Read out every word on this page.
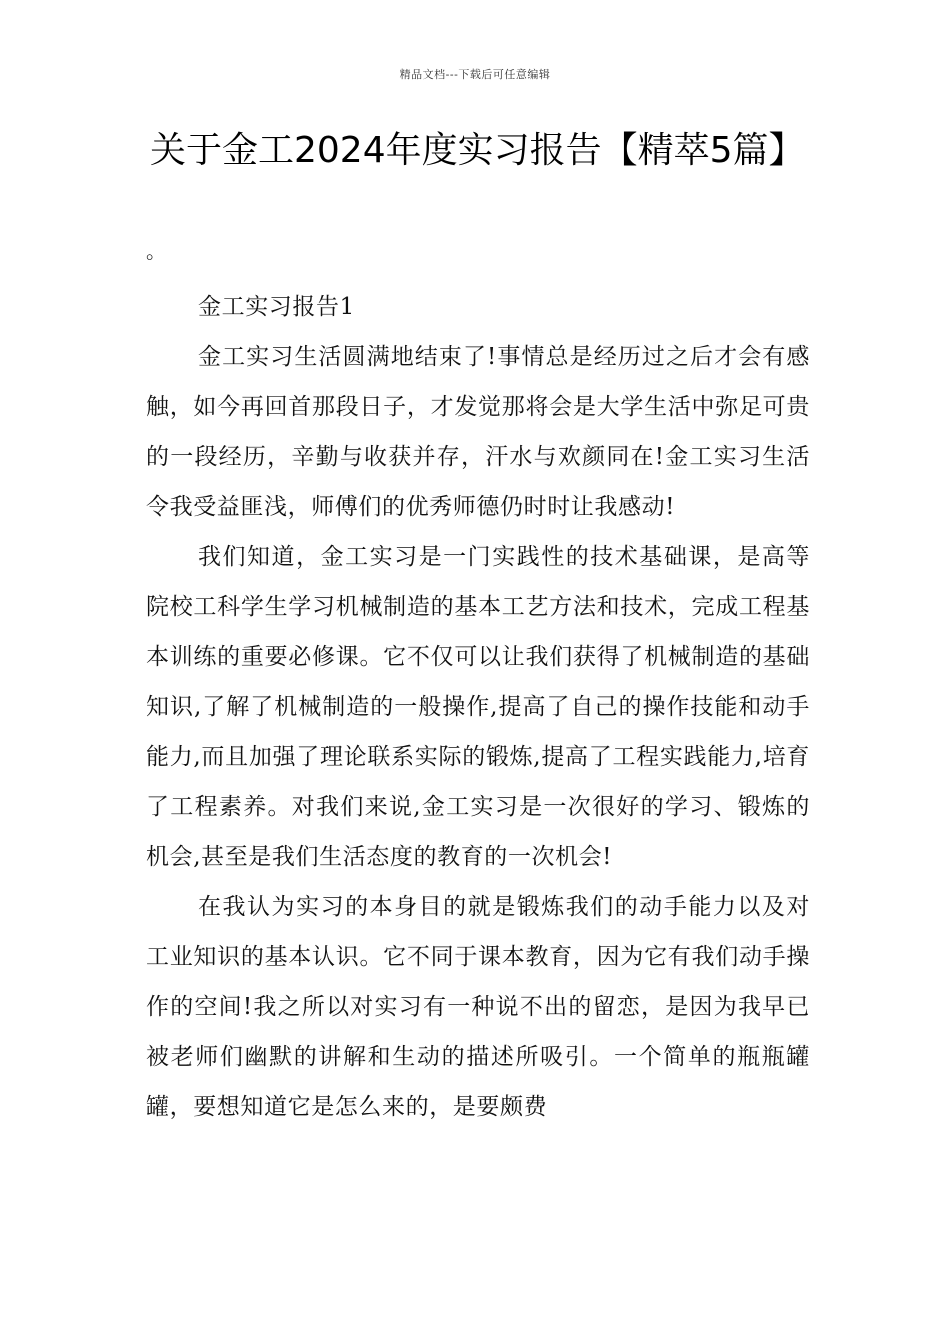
精品文档---下载后可任意编辑
关于金工2024年度实习报告【精萃5篇】
。

金工实习报告1

金工实习生活圆满地结束了!事情总是经历过之后才会有感触，如今再回首那段日子，才发觉那将会是大学生活中弥足可贵的一段经历，辛勤与收获并存，汗水与欢颜同在!金工实习生活令我受益匪浅，师傅们的优秀师德仍时时让我感动!

我们知道，金工实习是一门实践性的技术基础课，是高等院校工科学生学习机械制造的基本工艺方法和技术，完成工程基本训练的重要必修课。它不仅可以让我们获得了机械制造的基础知识,了解了机械制造的一般操作,提高了自己的操作技能和动手能力,而且加强了理论联系实际的锻炼,提高了工程实践能力,培育了工程素养。对我们来说,金工实习是一次很好的学习、锻炼的机会,甚至是我们生活态度的教育的一次机会!

在我认为实习的本身目的就是锻炼我们的动手能力以及对工业知识的基本认识。它不同于课本教育，因为它有我们动手操作的空间!我之所以对实习有一种说不出的留恋，是因为我早已被老师们幽默的讲解和生动的描述所吸引。一个简单的瓶瓶罐罐，要想知道它是怎么来的，是要颇费
